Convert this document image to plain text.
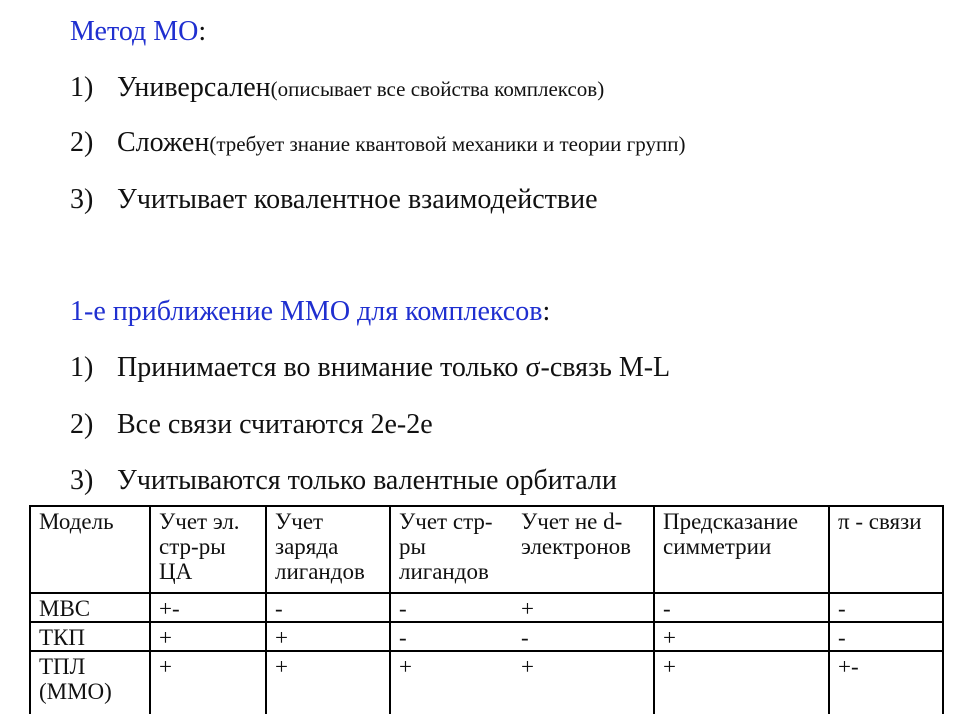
Метод МО:
1) Универсален (описывает все свойства комплексов)
2) Сложен (требует знание квантовой механики и теории групп)
3) Учитывает ковалентное взаимодействие
1-е приближение ММО для комплексов:
1) Принимается во внимание только σ-связь M-L
2) Все связи считаются 2е-2е
3) Учитываются только валентные орбитали
Модель	Учет эл. стр-ры ЦА	Учет заряда лигандов	Учет стр-ры лигандов	Учет не d-электронов	Предсказание симметрии	π - связи
МВС	+-	-	-	+	-	-
ТКП	+	+	-	-	+	-
ТПЛ (ММО)	+	+	+	+	+	+-
